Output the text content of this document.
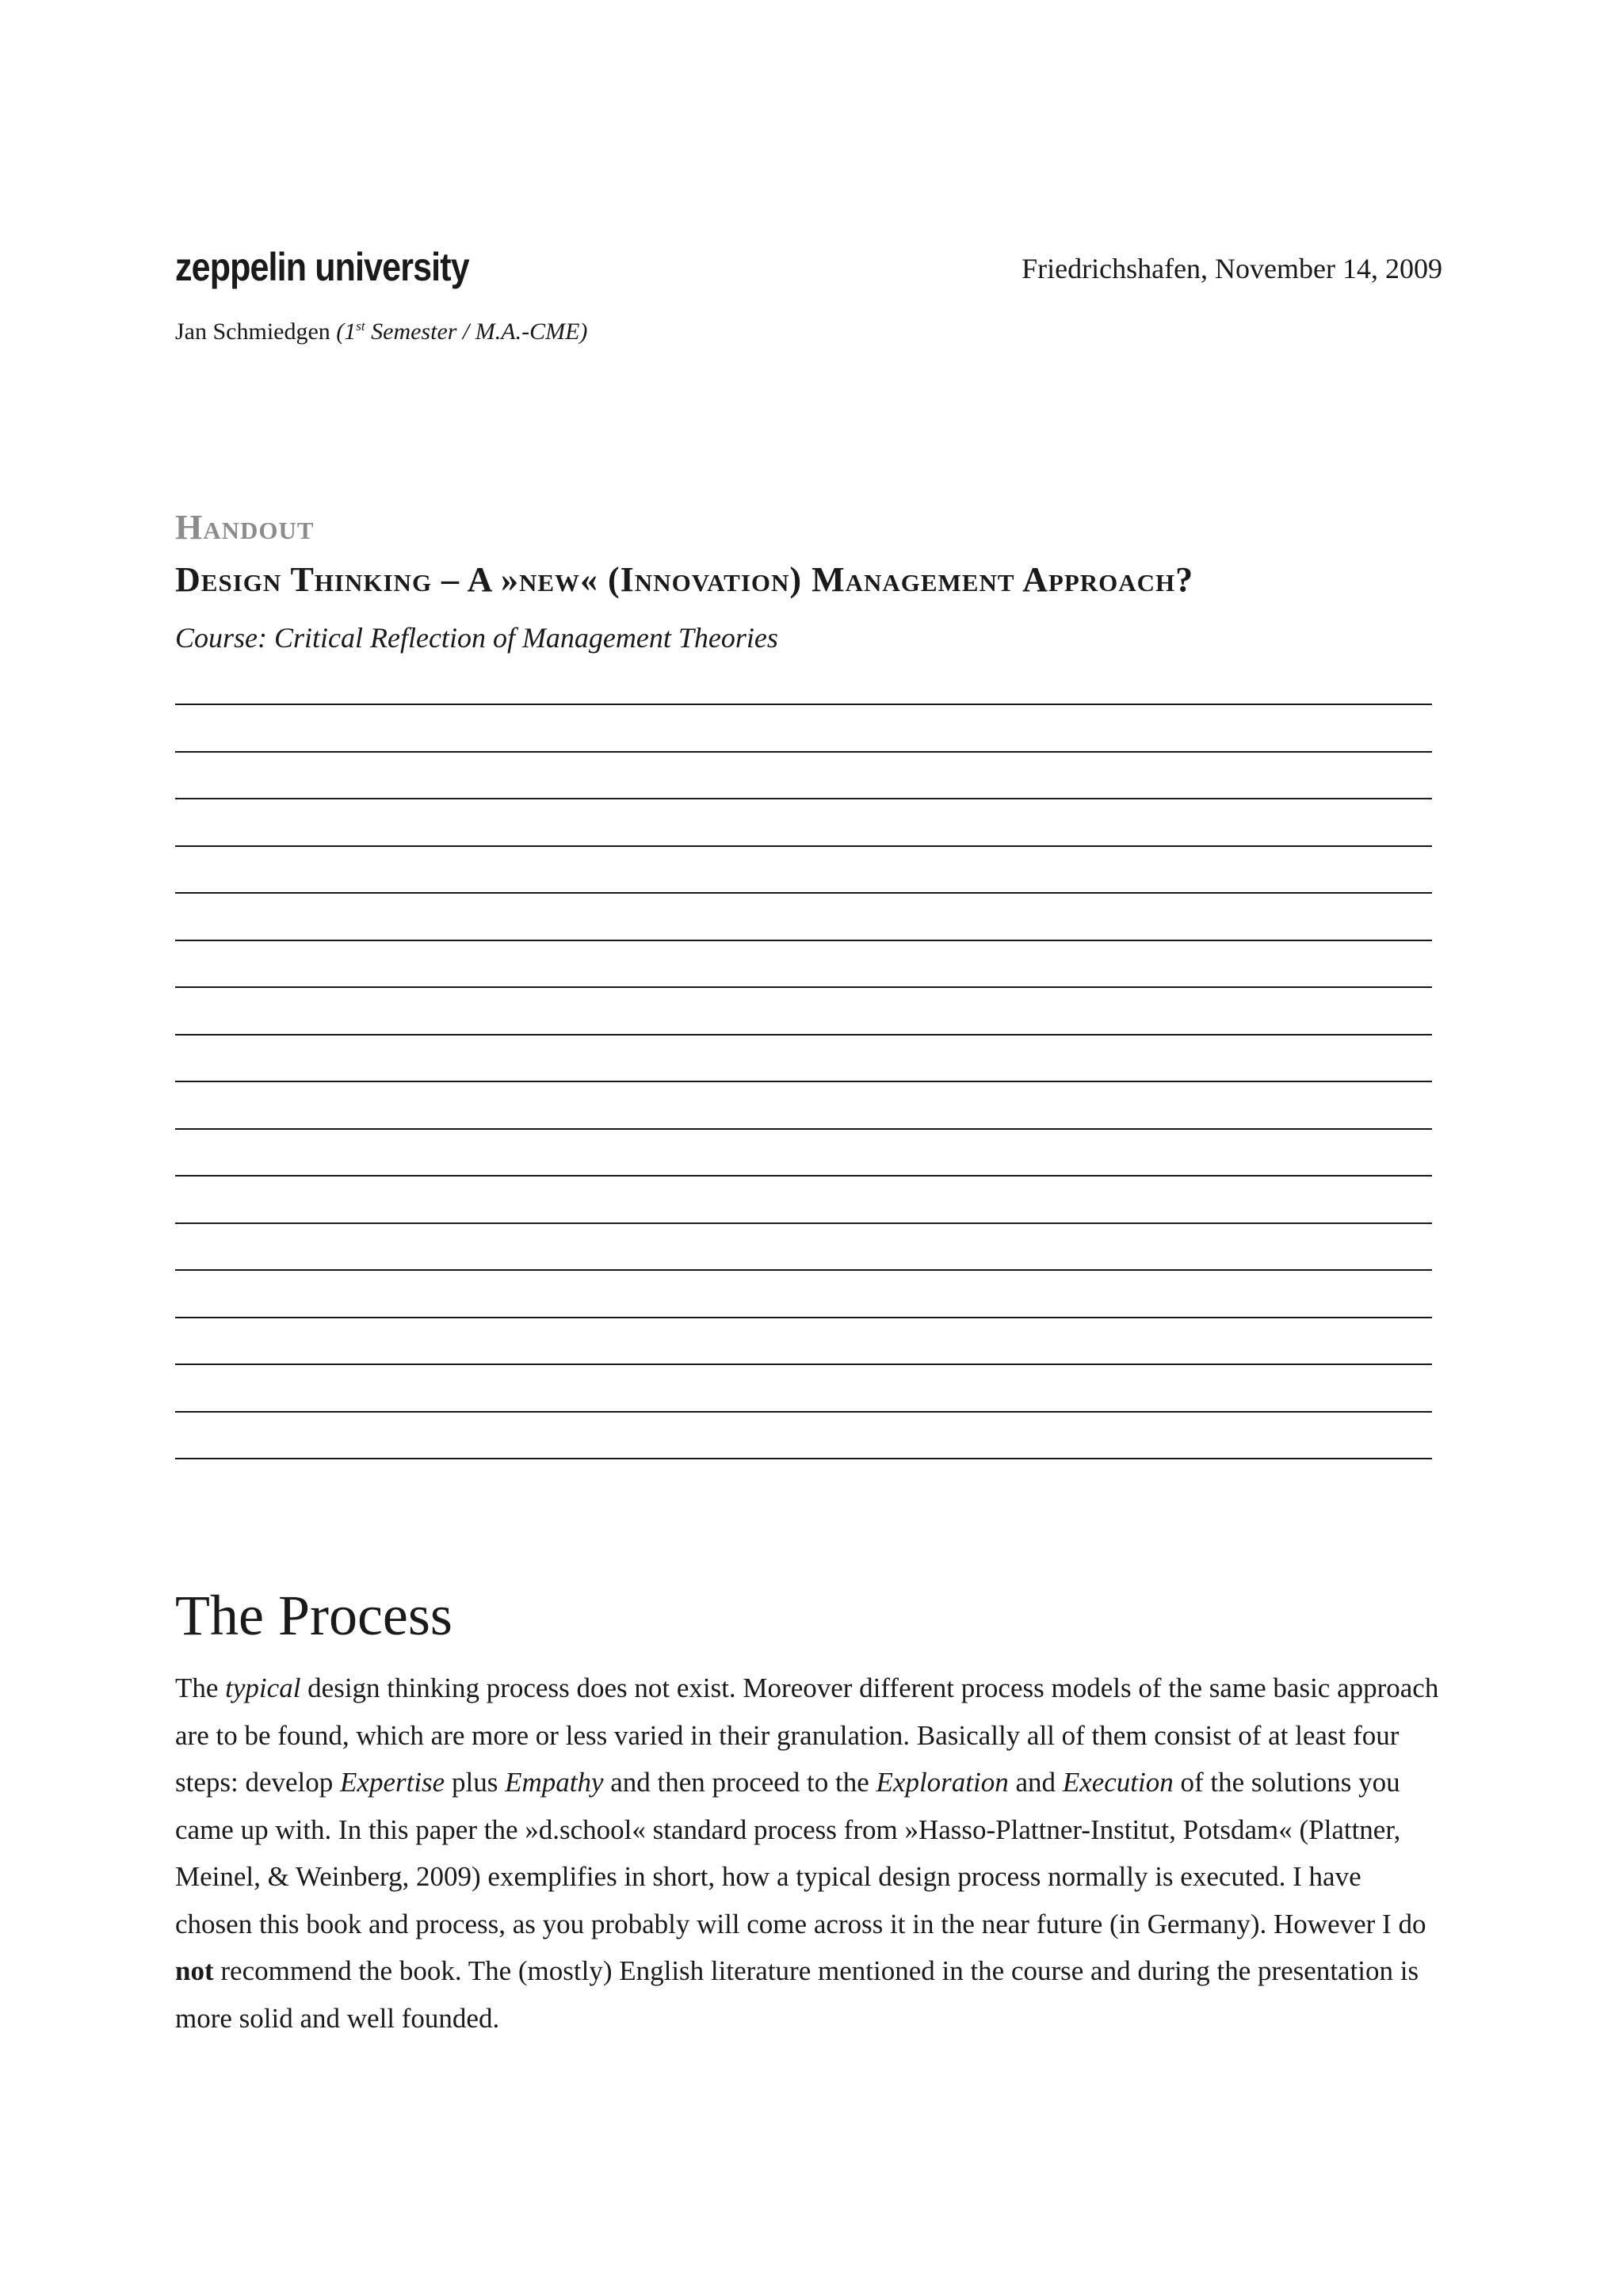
zeppelin university	Friedrichshafen, November 14, 2009
Jan Schmiedgen (1st Semester / M.A.-CME)
Handout
Design Thinking – A »new« (Innovation) Management Approach?
Course: Critical Reflection of Management Theories
The Process

The typical design thinking process does not exist. Moreover different process models of the same basic approach are to be found, which are more or less varied in their granulation. Basically all of them consist of at least four steps: develop Expertise plus Empathy and then proceed to the Exploration and Execution of the solutions you came up with. In this paper the »d.school« standard process from »Hasso-Plattner-Institut, Potsdam« (Plattner, Meinel, & Weinberg, 2009) exemplifies in short, how a typical design process normally is executed. I have chosen this book and process, as you probably will come across it in the near future (in Germany). However I do not recommend the book. The (mostly) English literature mentioned in the course and during the presentation is more solid and well founded.
